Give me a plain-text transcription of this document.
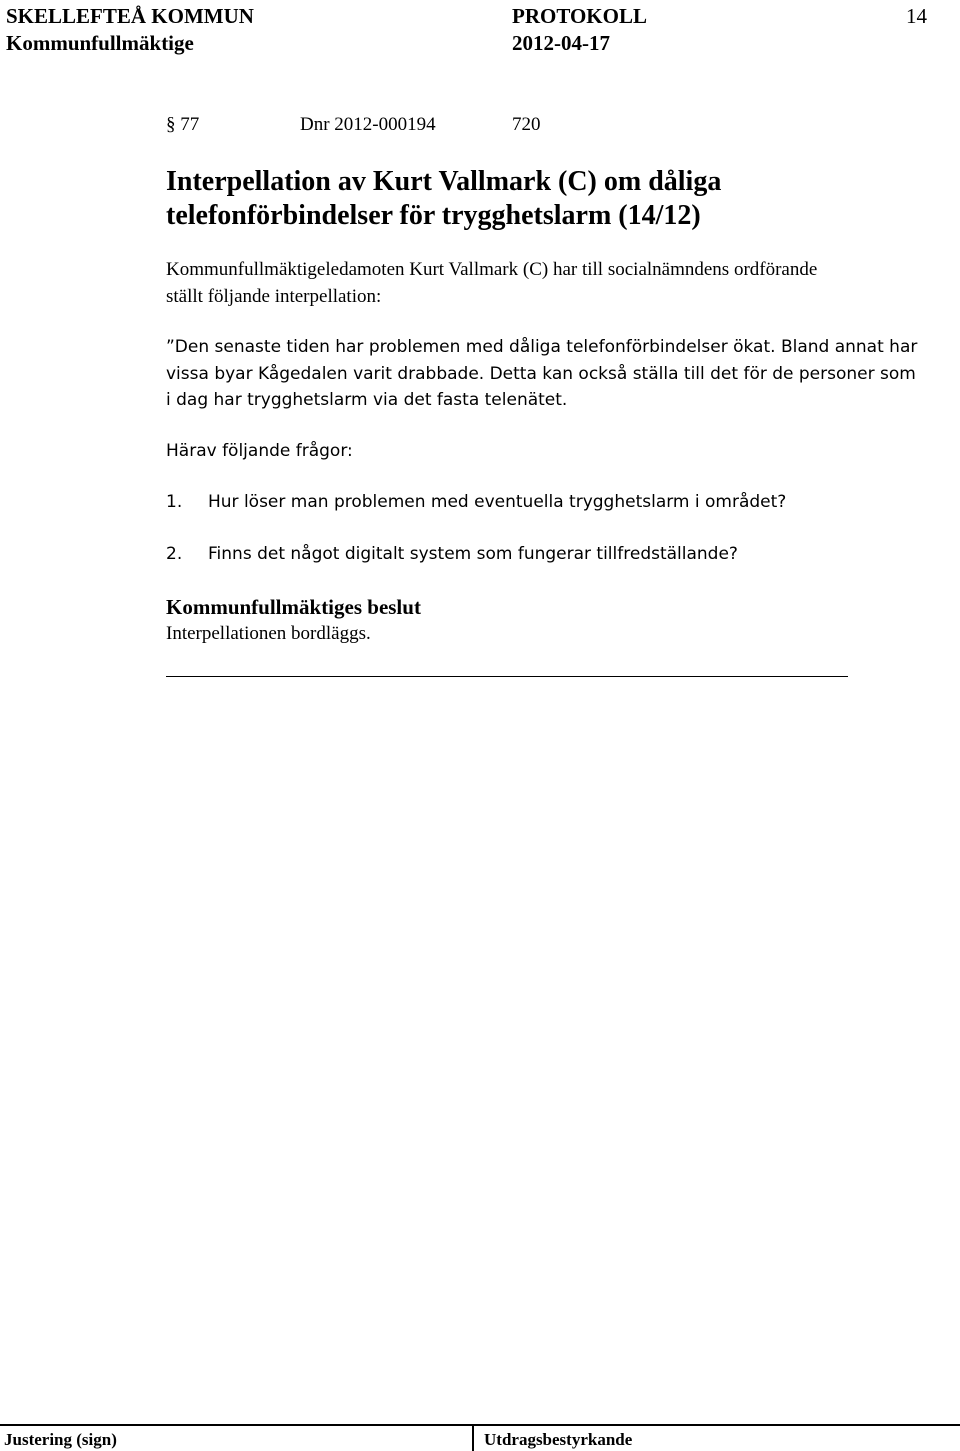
SKELLEFTEÅ KOMMUN	PROTOKOLL	14
Kommunfullmäktige	2012-04-17
§ 77	Dnr 2012-000194	720
Interpellation av Kurt Vallmark (C) om dåliga
telefonförbindelser för trygghetslarm (14/12)
Kommunfullmäktigeledamoten Kurt Vallmark (C) har till socialnämndens ordförande
ställt följande interpellation:
”Den senaste tiden har problemen med dåliga telefonförbindelser ökat. Bland annat har
vissa byar Kågedalen varit drabbade. Detta kan också ställa till det för de personer som
i dag har trygghetslarm via det fasta telenätet.
Härav följande frågor:
1. Hur löser man problemen med eventuella trygghetslarm i området?
2. Finns det något digitalt system som fungerar tillfredställande?
Kommunfullmäktiges beslut
Interpellationen bordläggs.
Justering (sign)	Utdragsbestyrkande
